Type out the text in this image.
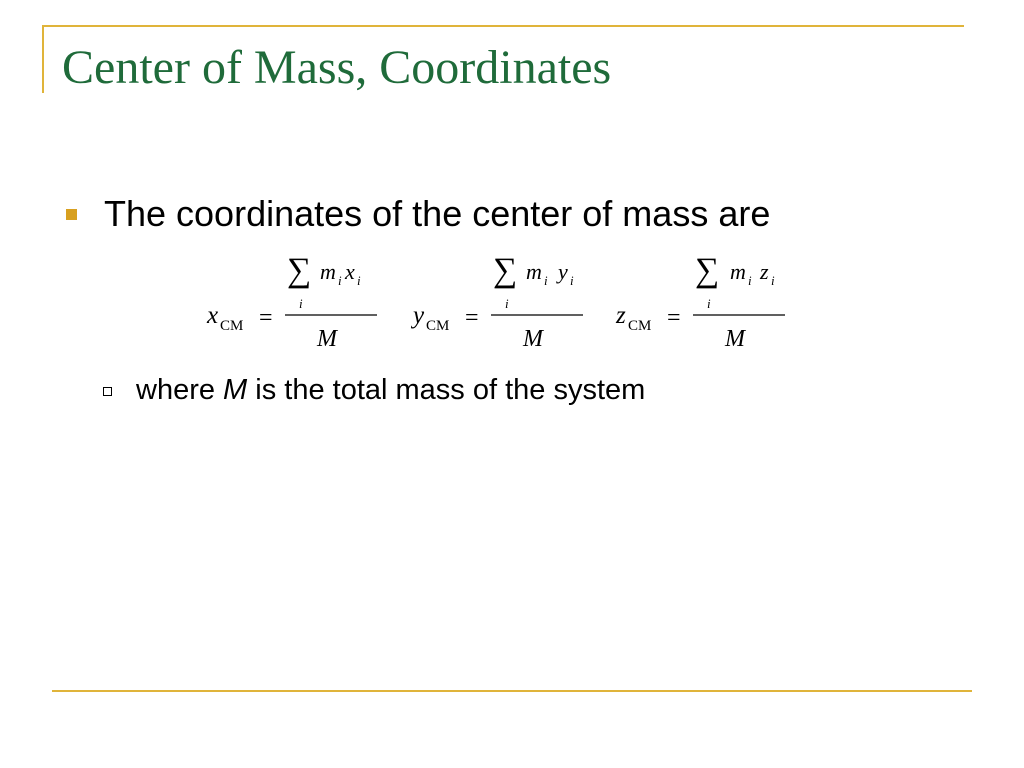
Center of Mass, Coordinates
The coordinates of the center of mass are
x CM =
∑
i
m i x i
M
y CM =
∑
i
m i y i
M
z CM =
∑
i
m i z i
M
where M is the total mass of the system
